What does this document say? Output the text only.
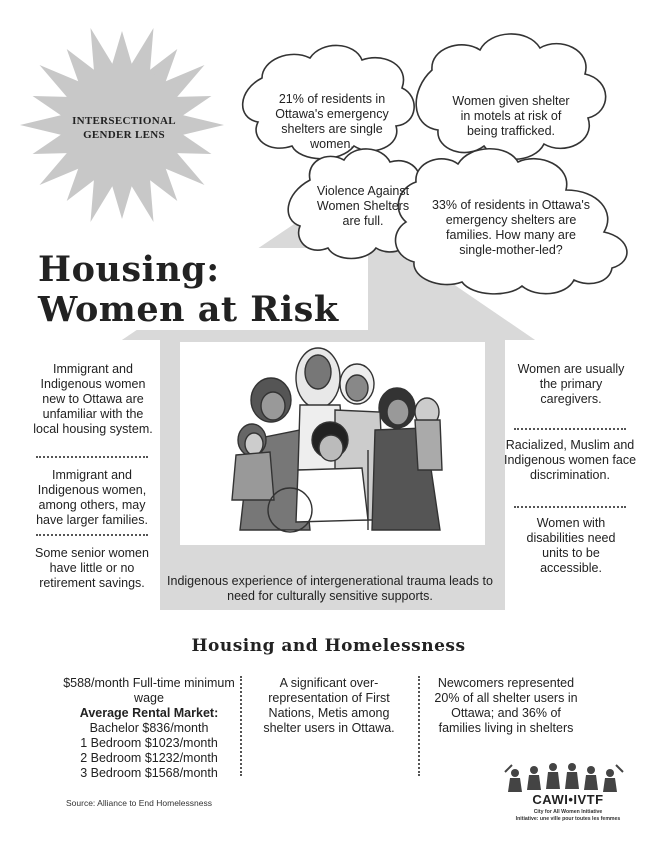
INTERSECTIONAL GENDER LENS
21% of residents in Ottawa's emergency shelters are single women.
Women given shelter in motels at risk of being trafficked.
Violence Against Women Shelters are full.
33% of residents in Ottawa's emergency shelters are families. How many are single-mother-led?
Housing:
Women at Risk
Immigrant and Indigenous women new to Ottawa are unfamiliar with the local housing system.
Immigrant and Indigenous women, among others, may have larger families.
Some senior women have little or no retirement savings.
Women are usually the primary caregivers.
Racialized, Muslim and Indigenous women face discrimination.
Women with disabilities need units to be accessible.
Indigenous experience of intergenerational trauma leads to need for culturally sensitive supports.
Housing and Homelessness
$588/month Full-time minimum wage
Average Rental Market:
Bachelor $836/month
1 Bedroom $1023/month
2 Bedroom $1232/month
3 Bedroom $1568/month
A significant over-representation of First Nations, Metis among shelter users in Ottawa.
Newcomers represented 20% of all shelter users in Ottawa; and 36% of families living in shelters
Source: Alliance to End Homelessness	CAWI•IVTF
City for All Women Initiative
Initiative: une ville pour toutes les femmes
